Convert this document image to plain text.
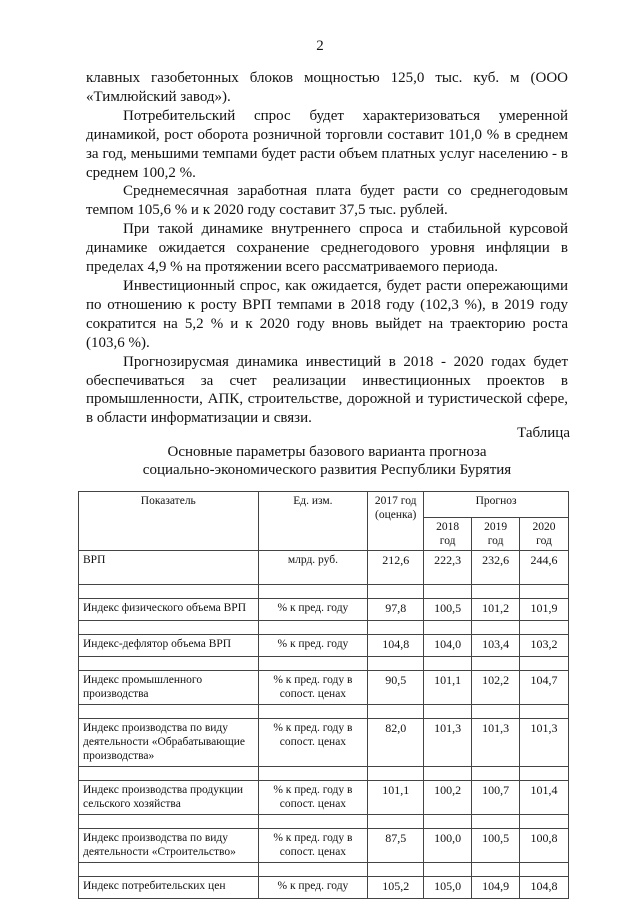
2

клавных газобетонных блоков мощностью 125,0 тыс. куб. м (ООО «Тимлюйский завод»).

Потребительский спрос будет характеризоваться умеренной динамикой, рост оборота розничной торговли составит 101,0 % в среднем за год, меньшими темпами будет расти объем платных услуг населению - в среднем 100,2 %.

Среднемесячная заработная плата будет расти со среднегодовым темпом 105,6 % и к 2020 году составит 37,5 тыс. рублей.

При такой динамике внутреннего спроса и стабильной курсовой динамике ожидается сохранение среднегодового уровня инфляции в пределах 4,9 % на протяжении всего рассматриваемого периода.

Инвестиционный спрос, как ожидается, будет расти опережающими по отношению к росту ВРП темпами в 2018 году (102,3 %), в 2019 году сократится на 5,2 % и к 2020 году вновь выйдет на траекторию роста (103,6 %).

Прогнозирусмая динамика инвестиций в 2018 - 2020 годах будет обеспечиваться за счет реализации инвестиционных проектов в промышленности, АПК, строительстве, дорожной и туристической сфере, в области информатизации и связи.

Таблица
Основные параметры базового варианта прогноза
социально-экономического развития Республики Бурятия
Показатель	Ед. изм.	2017 год (оценка)	Прогноз		
			2018 год	2019 год	2020 год
ВРП	млрд. руб.	212,6	222,3	232,6	244,6

Индекс физического объема ВРП	% к пред. году	97,8	100,5	101,2	101,9

Индекс-дефлятор объема ВРП	% к пред. году	104,8	104,0	103,4	103,2

Индекс промышленного производства	% к пред. году в сопост. ценах	90,5	101,1	102,2	104,7

Индекс производства по виду деятельности «Обрабатывающие производства»	% к пред. году в сопост. ценах	82,0	101,3	101,3	101,3

Индекс производства продукции сельского хозяйства	% к пред. году в сопост. ценах	101,1	100,2	100,7	101,4

Индекс производства по виду деятельности «Строительство»	% к пред. году в сопост. ценах	87,5	100,0	100,5	100,8

Индекс потребительских цен	% к пред. году	105,2	105,0	104,9	104,8
